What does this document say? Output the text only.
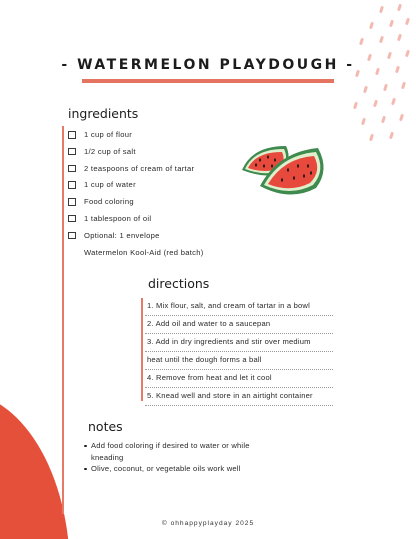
- WATERMELON PLAYDOUGH -
ingredients
1 cup of flour
1/2 cup of salt
2 teaspoons of cream of tartar
1 cup of water
Food coloring
1 tablespoon of oil
Optional: 1 envelope
Watermelon Kool-Aid (red batch)
directions
1. Mix flour, salt, and cream of tartar in a bowl
2. Add oil and water to a saucepan
3. Add in dry ingredients and stir over medium
heat until the dough forms a ball
4. Remove from heat and let it cool
5. Knead well and store in an airtight container
notes
Add food coloring if desired to water or while kneading
Olive, coconut, or vegetable oils work well
© ohhappyplayday 2025
